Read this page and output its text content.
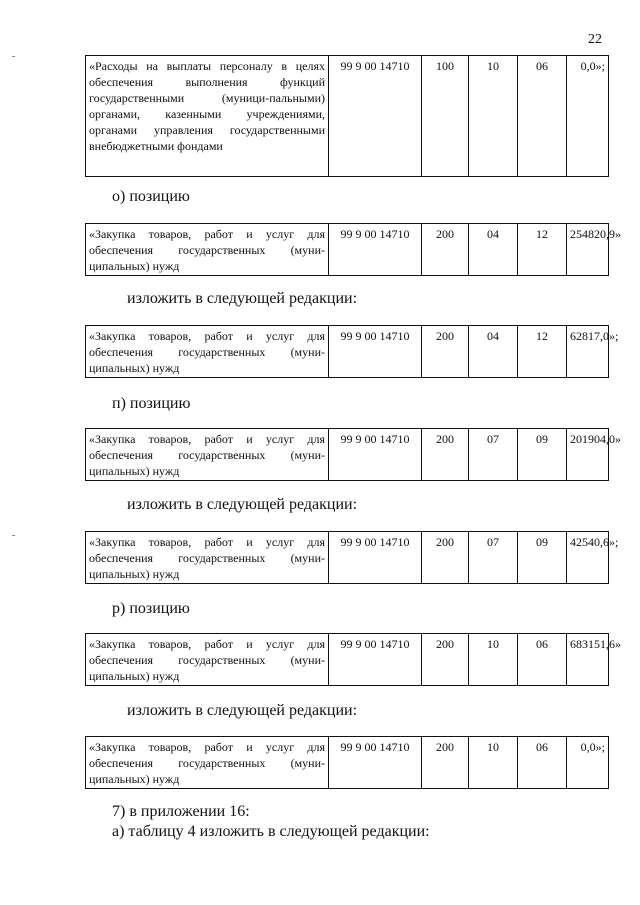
22
«Расходы на выплаты персоналу в целях обеспечения выполнения функций государственными (муници-пальными) органами, казенными учреждениями, органами управления государственными внебюджетными фондами	99 9 00 14710	100	10	06	0,0»;
о) позицию
«Закупка товаров, работ и услуг для обеспечения государственных (муни-ципальных) нужд	99 9 00 14710	200	04	12	254820,9»
изложить в следующей редакции:
«Закупка товаров, работ и услуг для обеспечения государственных (муни-ципальных) нужд	99 9 00 14710	200	04	12	62817,0»;
п) позицию
«Закупка товаров, работ и услуг для обеспечения государственных (муни-ципальных) нужд	99 9 00 14710	200	07	09	201904,0»
изложить в следующей редакции:
«Закупка товаров, работ и услуг для обеспечения государственных (муни-ципальных) нужд	99 9 00 14710	200	07	09	42540,6»;
р) позицию
«Закупка товаров, работ и услуг для обеспечения государственных (муни-ципальных) нужд	99 9 00 14710	200	10	06	683151,6»
изложить в следующей редакции:
«Закупка товаров, работ и услуг для обеспечения государственных (муни-ципальных) нужд	99 9 00 14710	200	10	06	0,0»;
7) в приложении 16:
а) таблицу 4 изложить в следующей редакции:
